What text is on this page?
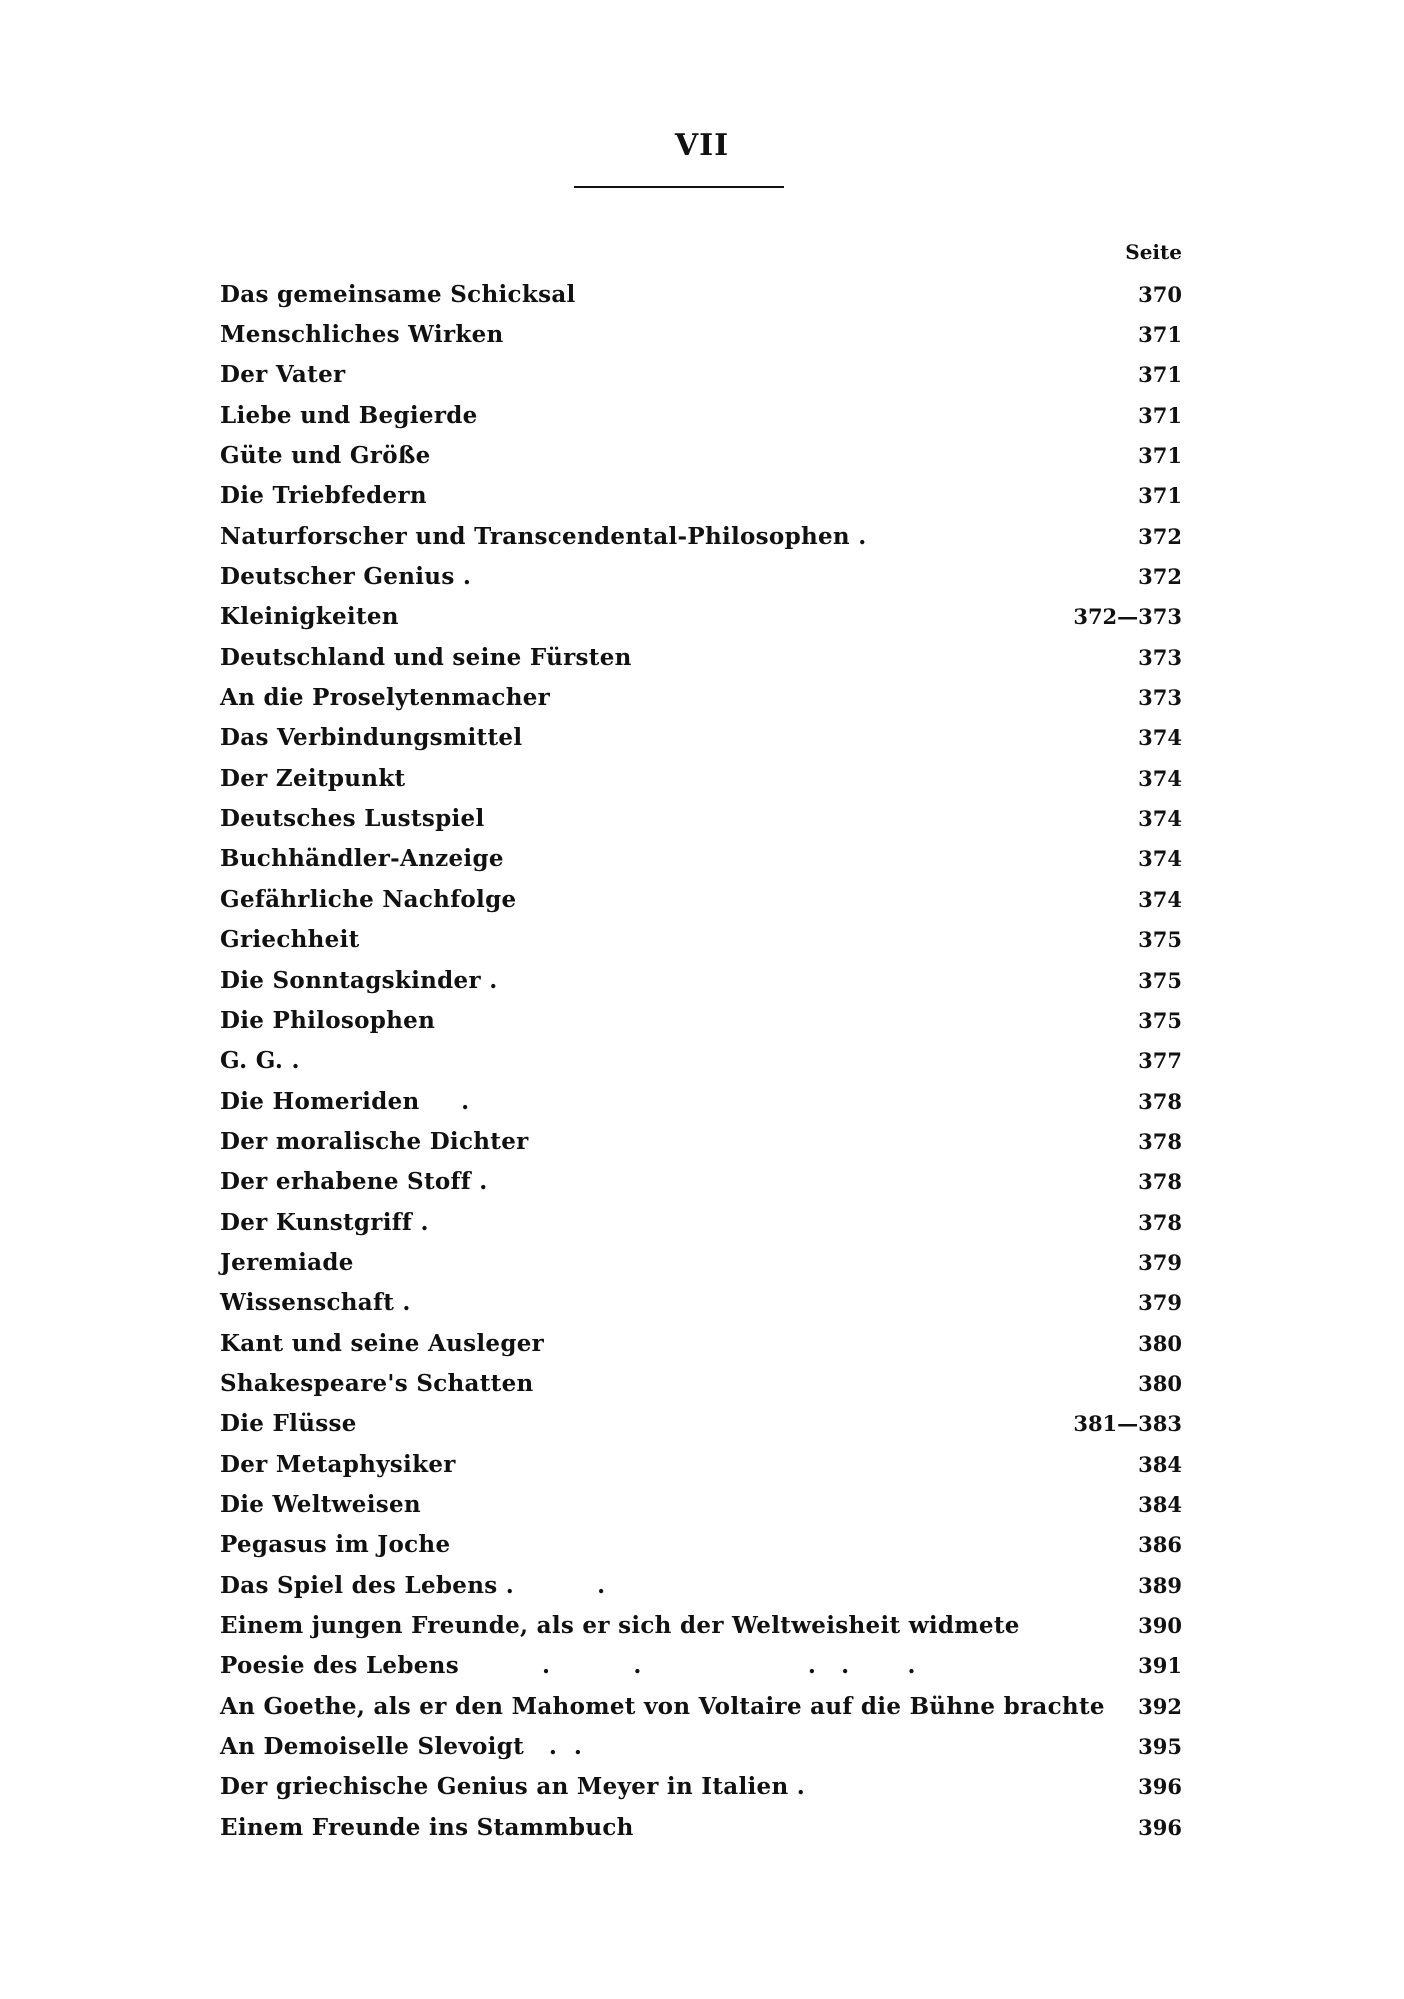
VII
Seite
Das gemeinsame Schicksal	370
Menschliches Wirken	371
Der Vater	371
Liebe und Begierde	371
Güte und Größe	371
Die Triebfedern	371
Naturforscher und Transcendental-Philosophen .	372
Deutscher Genius .	372
Kleinigkeiten	372—373
Deutschland und seine Fürsten	373
An die Proselytenmacher	373
Das Verbindungsmittel	374
Der Zeitpunkt	374
Deutsches Lustspiel	374
Buchhändler-Anzeige	374
Gefährliche Nachfolge	374
Griechheit	375
Die Sonntagskinder .	375
Die Philosophen	375
G. G. .	377
Die Homeriden     .	378
Der moralische Dichter	378
Der erhabene Stoff .	378
Der Kunstgriff .	378
Jeremiade	379
Wissenschaft .	379
Kant und seine Ausleger	380
Shakespeare's Schatten	380
Die Flüsse	381—383
Der Metaphysiker	384
Die Weltweisen	384
Pegasus im Joche	386
Das Spiel des Lebens .          .	389
Einem jungen Freunde, als er sich der Weltweisheit widmete	390
Poesie des Lebens          .          .                    .   .       .	391
An Goethe, als er den Mahomet von Voltaire auf die Bühne brachte 392
An Demoiselle Slevoigt   .  .	395
Der griechische Genius an Meyer in Italien .	396
Einem Freunde ins Stammbuch	396
